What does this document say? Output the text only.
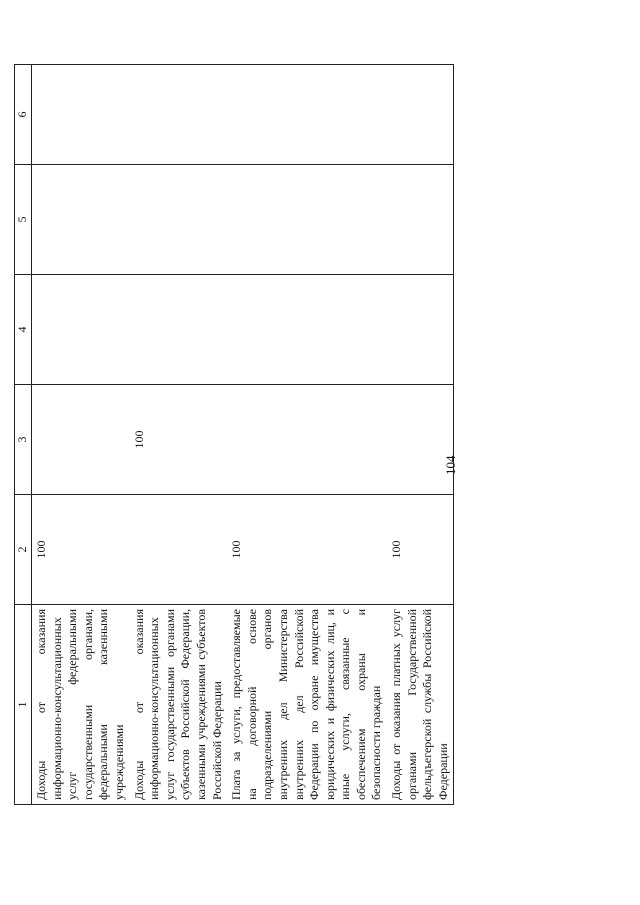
104
1	2	3	4	5	6
Доходы от оказания информационно-консультационных услуг федеральными государственными органами, федеральными казенными учреждениями	100				
Доходы от оказания информационно-консультационных услуг государственными органами субъектов Российской Федерации, казенными учреждениями субъектов Российской Федерации		100			
Плата за услуги, предоставляемые на договорной основе подразделениями органов внутренних дел Министерства внутренних дел Российской Федерации по охране имущества юридических и физических лиц, и иные услуги, связанные с обеспечением охраны и безопасности граждан	100				
Доходы от оказания платных услуг органами Государственной фельдъегерской службы Российской Федерации	100				
